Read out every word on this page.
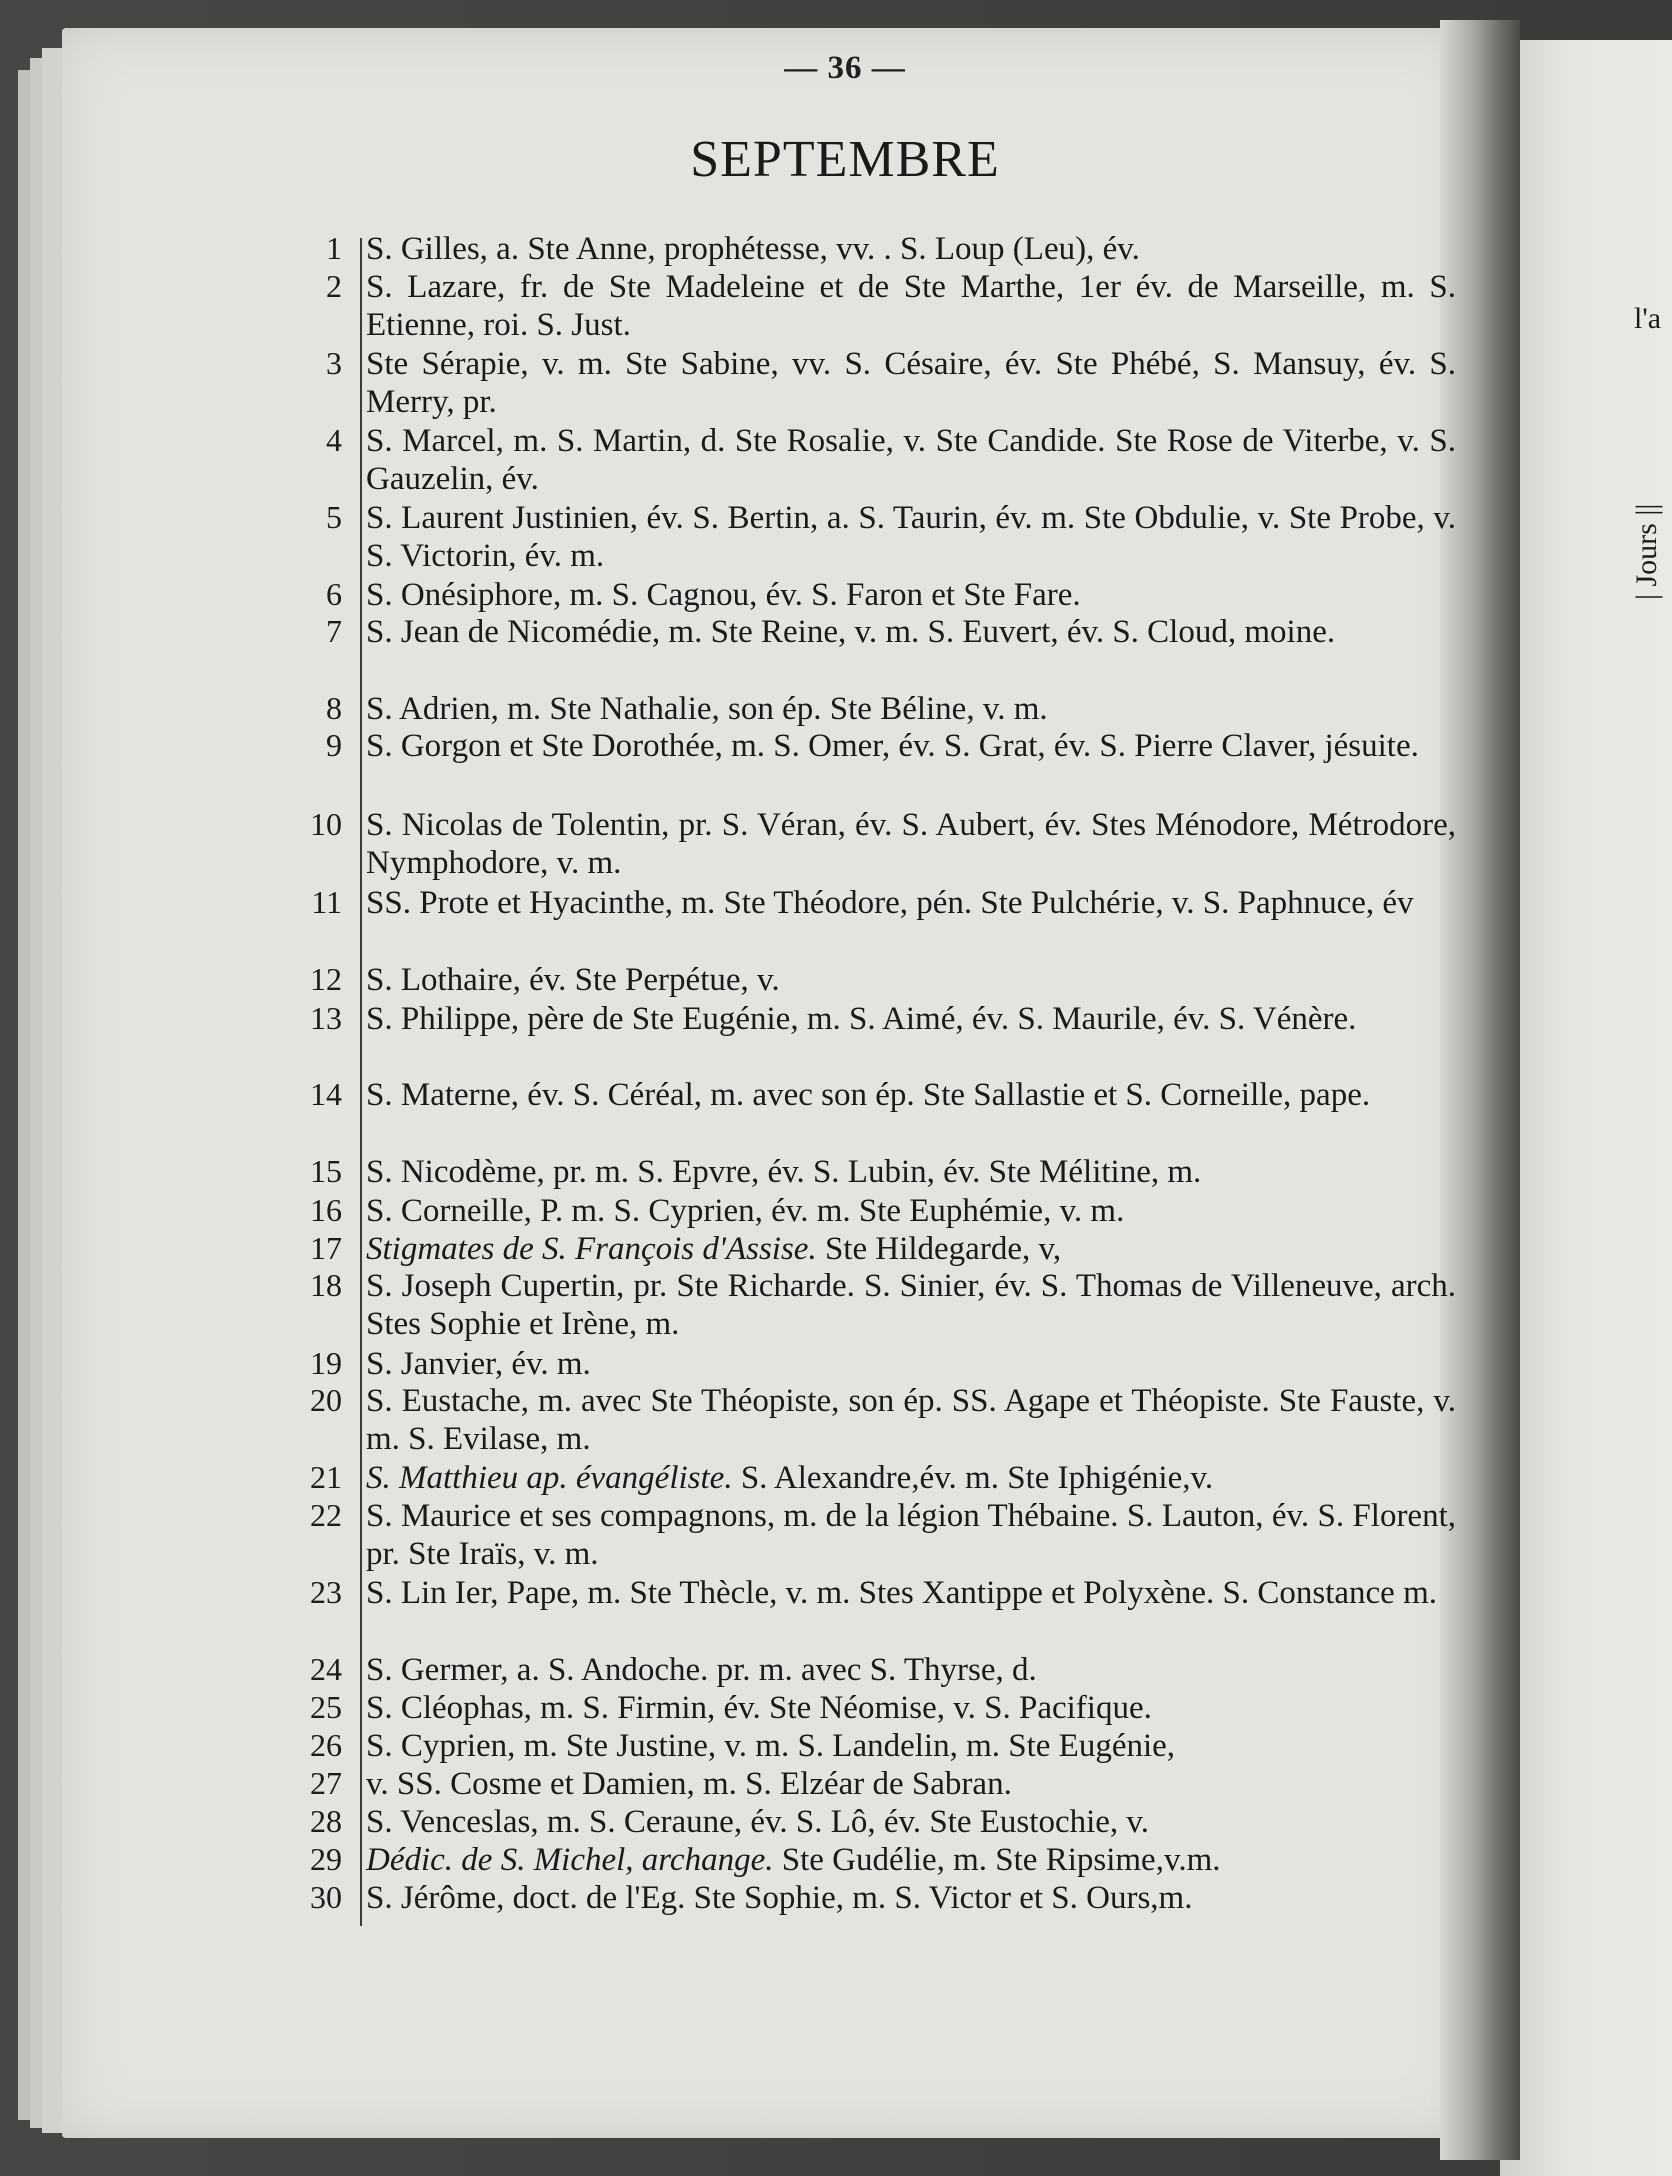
l'a
| Jours ||
— 36 —
SEPTEMBRE
1 S. Gilles, a. Ste Anne, prophétesse, vv. . S. Loup (Leu), év.
2 S. Lazare, fr. de Ste Madeleine et de Ste Marthe, 1er év. de Marseille, m. S. Etienne, roi. S. Just.
3 Ste Sérapie, v. m. Ste Sabine, vv. S. Césaire, év. Ste Phébé, S. Mansuy, év. S. Merry, pr.
4 S. Marcel, m. S. Martin, d. Ste Rosalie, v. Ste Candide. Ste Rose de Viterbe, v. S. Gauzelin, év.
5 S. Laurent Justinien, év. S. Bertin, a. S. Taurin, év. m. Ste Obdulie, v. Ste Probe, v. S. Victorin, év. m.
6 S. Onésiphore, m. S. Cagnou, év. S. Faron et Ste Fare.
7 S. Jean de Nicomédie, m. Ste Reine, v. m. S. Euvert, év. S. Cloud, moine.
8 S. Adrien, m. Ste Nathalie, son ép. Ste Béline, v. m.
9 S. Gorgon et Ste Dorothée, m. S. Omer, év. S. Grat, év. S. Pierre Claver, jésuite.
10 S. Nicolas de Tolentin, pr. S. Véran, év. S. Aubert, év. Stes Ménodore, Métrodore, Nymphodore, v. m.
11 SS. Prote et Hyacinthe, m. Ste Théodore, pén. Ste Pulchérie, v. S. Paphnuce, év
12 S. Lothaire, év. Ste Perpétue, v.
13 S. Philippe, père de Ste Eugénie, m. S. Aimé, év. S. Maurile, év. S. Vénère.
14 S. Materne, év. S. Céréal, m. avec son ép. Ste Sallastie et S. Corneille, pape.
15 S. Nicodème, pr. m. S. Epvre, év. S. Lubin, év. Ste Mélitine, m.
16 S. Corneille, P. m. S. Cyprien, év. m. Ste Euphémie, v. m.
17 Stigmates de S. François d'Assise. Ste Hildegarde, v,
18 S. Joseph Cupertin, pr. Ste Richarde. S. Sinier, év. S. Thomas de Villeneuve, arch. Stes Sophie et Irène, m.
19 S. Janvier, év. m.
20 S. Eustache, m. avec Ste Théopiste, son ép. SS. Agape et Théopiste. Ste Fauste, v. m. S. Evilase, m.
21 S. Matthieu ap. évangéliste. S. Alexandre,év. m. Ste Iphigénie,v.
22 S. Maurice et ses compagnons, m. de la légion Thébaine. S. Lauton, év. S. Florent, pr. Ste Iraïs, v. m.
23 S. Lin Ier, Pape, m. Ste Thècle, v. m. Stes Xantippe et Polyxène. S. Constance m.
24 S. Germer, a. S. Andoche. pr. m. avec S. Thyrse, d.
25 S. Cléophas, m. S. Firmin, év. Ste Néomise, v. S. Pacifique.
26 S. Cyprien, m. Ste Justine, v. m. S. Landelin, m. Ste Eugénie,
27 v. SS. Cosme et Damien, m. S. Elzéar de Sabran.
28 S. Venceslas, m. S. Ceraune, év. S. Lô, év. Ste Eustochie, v.
29 Dédic. de S. Michel, archange. Ste Gudélie, m. Ste Ripsime,v.m.
30 S. Jérôme, doct. de l'Eg. Ste Sophie, m. S. Victor et S. Ours,m.
